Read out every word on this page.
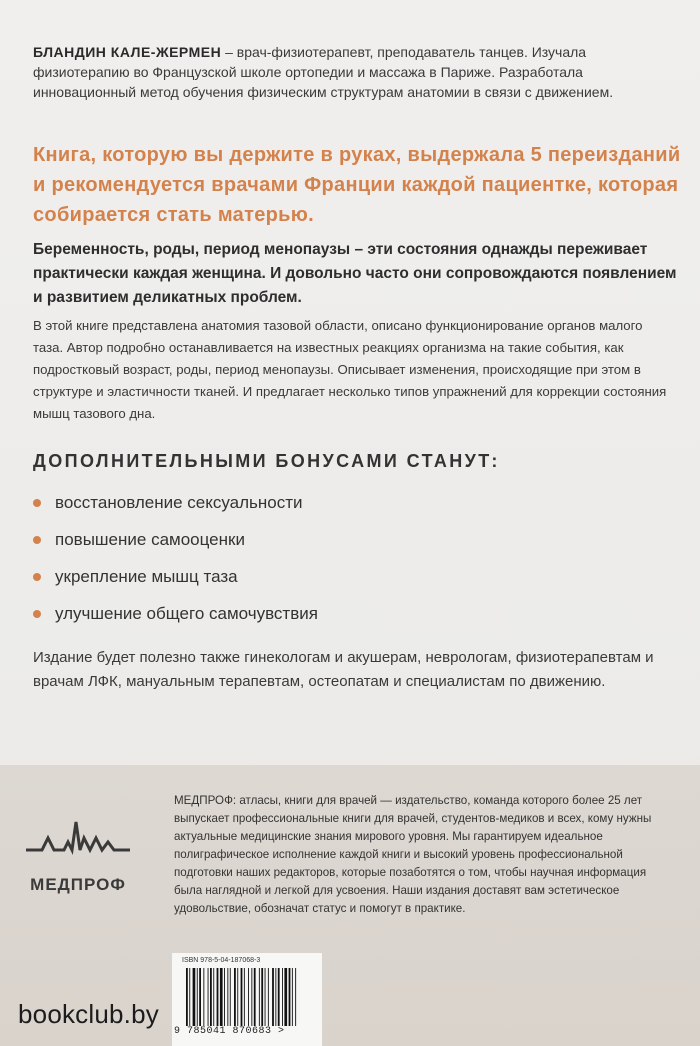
БЛАНДИН КАЛЕ-ЖЕРМЕН – врач-физиотерапевт, преподаватель танцев. Изучала физиотерапию во Французской школе ортопедии и массажа в Париже. Разработала инновационный метод обучения физическим структурам анатомии в связи с движением.

Книга, которую вы держите в руках, выдержала 5 переизданий и рекомендуется врачами Франции каждой пациентке, которая собирается стать матерью.

Беременность, роды, период менопаузы – эти состояния однажды переживает практически каждая женщина. И довольно часто они сопровождаются появлением и развитием деликатных проблем.

В этой книге представлена анатомия тазовой области, описано функционирование органов малого таза. Автор подробно останавливается на известных реакциях организма на такие события, как подростковый возраст, роды, период менопаузы. Описывает изменения, происходящие при этом в структуре и эластичности тканей. И предлагает несколько типов упражнений для коррекции состояния мышц тазового дна.

ДОПОЛНИТЕЛЬНЫМИ БОНУСАМИ СТАНУТ:
восстановление сексуальности
повышение самооценки
укрепление мышц таза
улучшение общего самочувствия

Издание будет полезно также гинекологам и акушерам, неврологам, физиотерапевтам и врачам ЛФК, мануальным терапевтам, остеопатам и специалистам по движению.

МЕДПРОФ

МЕДПРОФ: атласы, книги для врачей — издательство, команда которого более 25 лет выпускает профессиональные книги для врачей, студентов-медиков и всех, кому нужны актуальные медицинские знания мирового уровня. Мы гарантируем идеальное полиграфическое исполнение каждой книги и высокий уровень профессиональной подготовки наших редакторов, которые позаботятся о том, чтобы научная информация была наглядной и легкой для усвоения. Наши издания доставят вам эстетическое удовольствие, обозначат статус и помогут в практике.

ISBN 978-5-04-187068-3
9 785041 870683 >
bookclub.by
